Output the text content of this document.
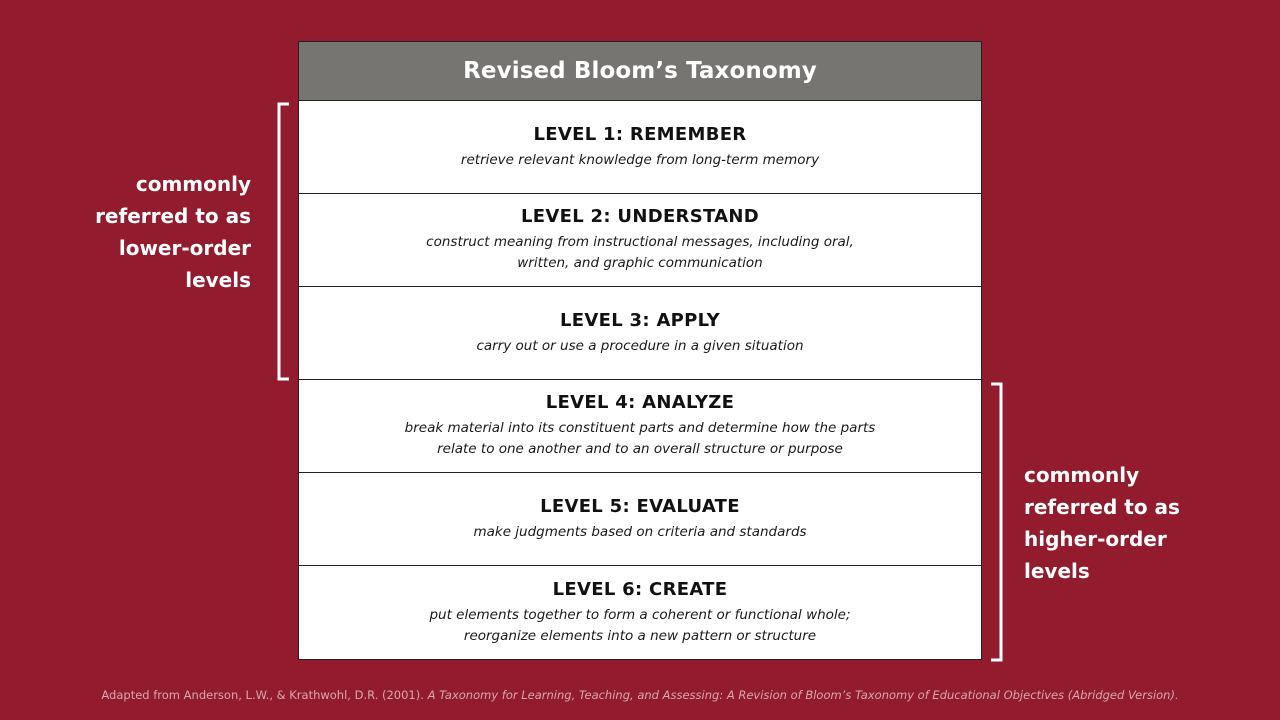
Revised Bloom’s Taxonomy
LEVEL 1: REMEMBER
retrieve relevant knowledge from long-term memory
LEVEL 2: UNDERSTAND
construct meaning from instructional messages, including oral,
written, and graphic communication
LEVEL 3: APPLY
carry out or use a procedure in a given situation
LEVEL 4: ANALYZE
break material into its constituent parts and determine how the parts
relate to one another and to an overall structure or purpose
LEVEL 5: EVALUATE
make judgments based on criteria and standards
LEVEL 6: CREATE
put elements together to form a coherent or functional whole;
reorganize elements into a new pattern or structure
commonly
referred to as
lower-order
levels
commonly
referred to as
higher-order
levels
Adapted from Anderson, L.W., & Krathwohl, D.R. (2001). A Taxonomy for Learning, Teaching, and Assessing: A Revision of Bloom’s Taxonomy of Educational Objectives (Abridged Version).
